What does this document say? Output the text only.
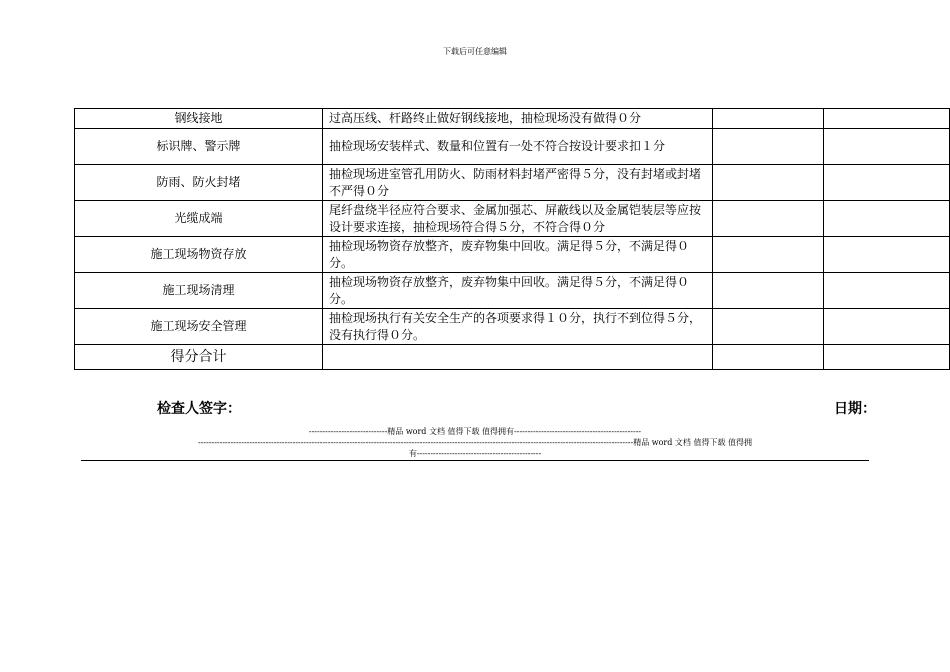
下载后可任意编辑
钢线接地	过高压线、杆路终止做好钢线接地，抽检现场没有做得０分		
标识牌、警示牌	抽检现场安装样式、数量和位置有一处不符合按设计要求扣１分		
防雨、防火封堵	抽检现场进室管孔用防火、防雨材料封堵严密得５分，没有封堵或封堵不严得０分		
光缆成端	尾纤盘绕半径应符合要求、金属加强芯、屏蔽线以及金属铠装层等应按设计要求连接，抽检现场符合得５分，不符合得０分		
施工现场物资存放	抽检现场物资存放整齐，废弃物集中回收。满足得５分，不满足得０分。		
施工现场清理	抽检现场物资存放整齐，废弃物集中回收。满足得５分，不满足得０分。		
施工现场安全管理	抽检现场执行有关安全生产的各项要求得１０分，执行不到位得５分，没有执行得０分。		
得分合计			
检查人签字：	日期：
-----------------------------精品 word 文档 值得下载 值得拥有-----------------------------------------------
-----------------------------------------------------------------------------------------------------------------------------------------------------------------精品 word 文档 值得下载 值得拥
有----------------------------------------------
